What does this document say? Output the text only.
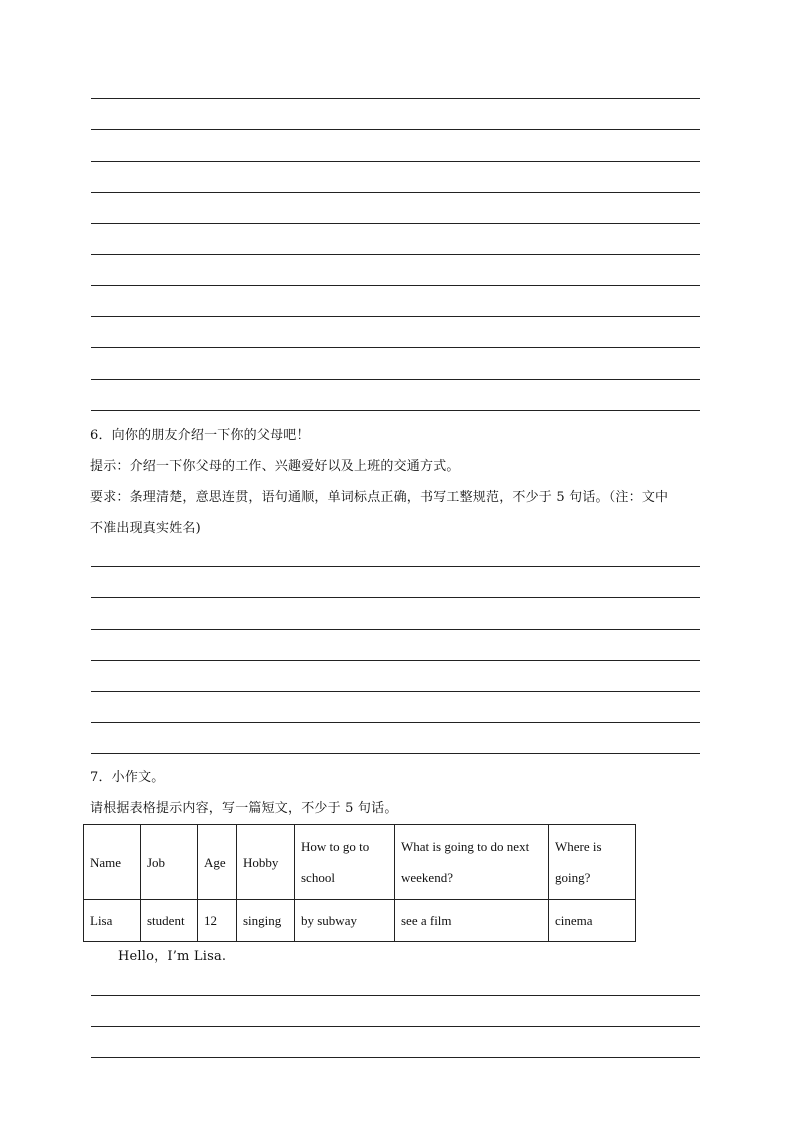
6．向你的朋友介绍一下你的父母吧！
提示：介绍一下你父母的工作、兴趣爱好以及上班的交通方式。
要求：条理清楚，意思连贯，语句通顺，单词标点正确，书写工整规范，不少于 5 句话。（注：文中
不准出现真实姓名)
7．小作文。
请根据表格提示内容，写一篇短文，不少于 5 句话。
Name	Job	Age	Hobby	How to go to school	What is going to do next weekend?	Where is going?
Lisa	student	12	singing	by subway	see a film	cinema
Hello，I’m Lisa.
